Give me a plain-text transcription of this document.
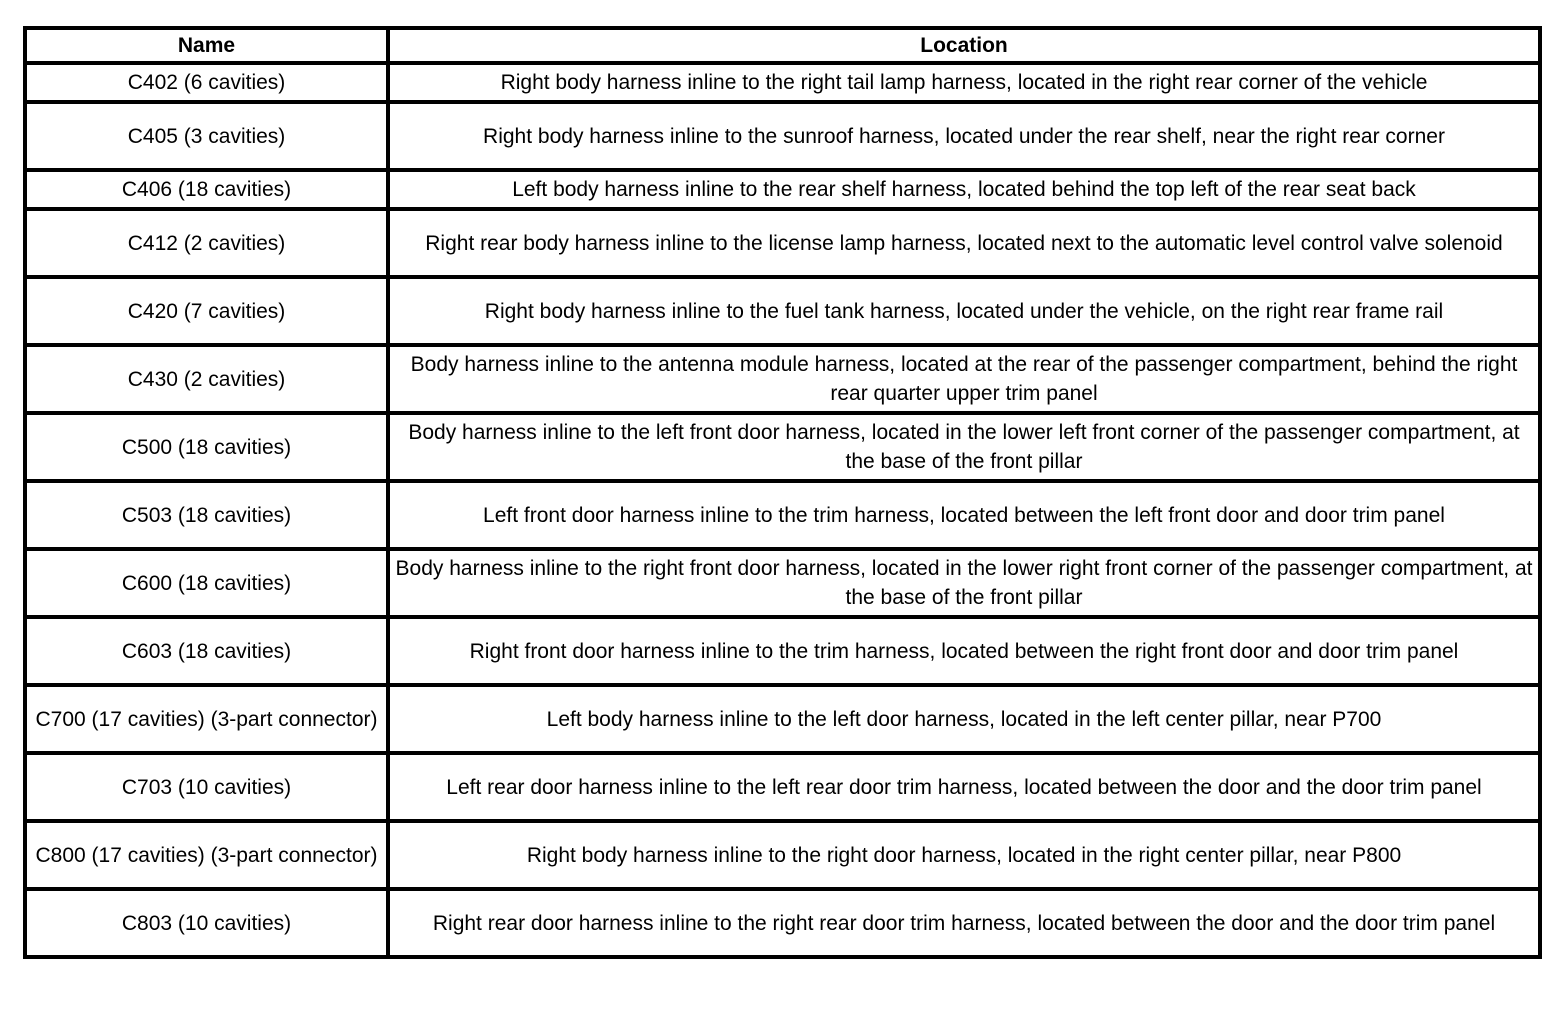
Name	Location
C402 (6 cavities)	Right body harness inline to the right tail lamp harness, located in the right rear corner of the vehicle
C405 (3 cavities)	Right body harness inline to the sunroof harness, located under the rear shelf, near the right rear corner
C406 (18 cavities)	Left body harness inline to the rear shelf harness, located behind the top left of the rear seat back
C412 (2 cavities)	Right rear body harness inline to the license lamp harness, located next to the automatic level control valve solenoid
C420 (7 cavities)	Right body harness inline to the fuel tank harness, located under the vehicle, on the right rear frame rail
C430 (2 cavities)	Body harness inline to the antenna module harness, located at the rear of the passenger compartment, behind the right rear quarter upper trim panel
C500 (18 cavities)	Body harness inline to the left front door harness, located in the lower left front corner of the passenger compartment, at the base of the front pillar
C503 (18 cavities)	Left front door harness inline to the trim harness, located between the left front door and door trim panel
C600 (18 cavities)	Body harness inline to the right front door harness, located in the lower right front corner of the passenger compartment, at the base of the front pillar
C603 (18 cavities)	Right front door harness inline to the trim harness, located between the right front door and door trim panel
C700 (17 cavities) (3-part connector)	Left body harness inline to the left door harness, located in the left center pillar, near P700
C703 (10 cavities)	Left rear door harness inline to the left rear door trim harness, located between the door and the door trim panel
C800 (17 cavities) (3-part connector)	Right body harness inline to the right door harness, located in the right center pillar, near P800
C803 (10 cavities)	Right rear door harness inline to the right rear door trim harness, located between the door and the door trim panel
